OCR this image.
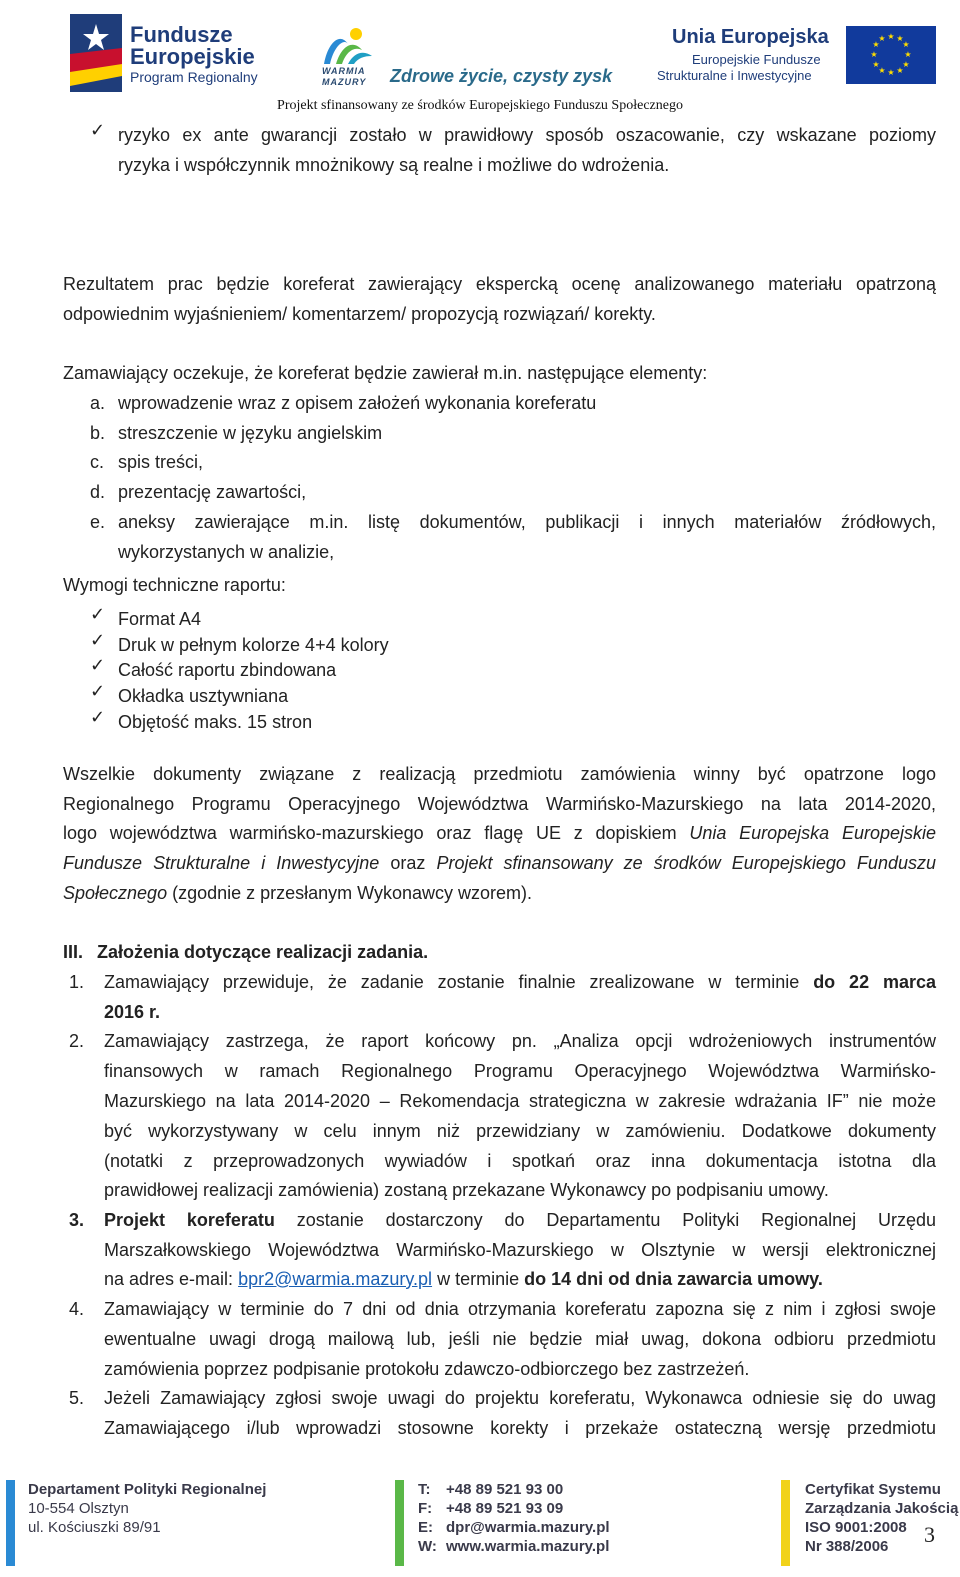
Fundusze
Europejskie
Program Regionalny	WARMIA
MAZURY Zdrowe życie, czysty zysk
Unia Europejska
Europejskie Fundusze
Strukturalne i Inwestycyjne
★ ★
★
★
★
★
★
★
★
★
★
★
Projekt sfinansowany ze środków Europejskiego Funduszu Społecznego
✓ ryzyko ex ante gwarancji zostało w prawidłowy sposób oszacowanie, czy wskazane poziomy
ryzyka i współczynnik mnożnikowy są realne i możliwe do wdrożenia.
Rezultatem prac będzie koreferat zawierający ekspercką ocenę analizowanego materiału opatrzoną
odpowiednim wyjaśnieniem/ komentarzem/ propozycją rozwiązań/ korekty.
Zamawiający oczekuje, że koreferat będzie zawierał m.in. następujące elementy:
a. wprowadzenie wraz z opisem założeń wykonania koreferatu
b. streszczenie w języku angielskim
c. spis treści,
d. prezentację zawartości,
e. aneksy zawierające m.in. listę dokumentów, publikacji i innych materiałów źródłowych,
wykorzystanych w analizie,
Wymogi techniczne raportu:
✓ Format A4
✓ Druk w pełnym kolorze 4+4 kolory
✓ Całość raportu zbindowana
✓ Okładka usztywniana
✓ Objętość maks. 15 stron
Wszelkie dokumenty związane z realizacją przedmiotu zamówienia winny być opatrzone logo
Regionalnego Programu Operacyjnego Województwa Warmińsko-Mazurskiego na lata 2014-2020,
logo województwa warmińsko-mazurskiego oraz flagę UE z dopiskiem Unia Europejska Europejskie
Fundusze Strukturalne i Inwestycyjne oraz Projekt sfinansowany ze środków Europejskiego Funduszu
Społecznego (zgodnie z przesłanym Wykonawcy wzorem).
III. Założenia dotyczące realizacji zadania.
1. Zamawiający przewiduje, że zadanie zostanie finalnie zrealizowane w terminie do 22 marca
2016 r.
2. Zamawiający zastrzega, że raport końcowy pn. „Analiza opcji wdrożeniowych instrumentów
finansowych w ramach Regionalnego Programu Operacyjnego Województwa Warmińsko-
Mazurskiego na lata 2014-2020 – Rekomendacja strategiczna w zakresie wdrażania IF” nie może
być wykorzystywany w celu innym niż przewidziany w zamówieniu. Dodatkowe dokumenty
(notatki z przeprowadzonych wywiadów i spotkań oraz inna dokumentacja istotna dla
prawidłowej realizacji zamówienia) zostaną przekazane Wykonawcy po podpisaniu umowy.
3. Projekt koreferatu zostanie dostarczony do Departamentu Polityki Regionalnej Urzędu
Marszałkowskiego Województwa Warmińsko-Mazurskiego w Olsztynie w wersji elektronicznej
na adres e-mail: bpr2@warmia.mazury.pl w terminie do 14 dni od dnia zawarcia umowy.
4. Zamawiający w terminie do 7 dni od dnia otrzymania koreferatu zapozna się z nim i zgłosi swoje
ewentualne uwagi drogą mailową lub, jeśli nie będzie miał uwag, dokona odbioru przedmiotu
zamówienia poprzez podpisanie protokołu zdawczo-odbiorczego bez zastrzeżeń.
5. Jeżeli Zamawiający zgłosi swoje uwagi do projektu koreferatu, Wykonawca odniesie się do uwag
Zamawiającego i/lub wprowadzi stosowne korekty i przekaże ostateczną wersję przedmiotu
Departament Polityki Regionalnej
10-554 Olsztyn
ul. Kościuszki 89/91
T: +48 89 521 93 00
F: +48 89 521 93 09
E: dpr@warmia.mazury.pl
W: www.warmia.mazury.pl
Certyfikat Systemu
Zarządzania Jakością
ISO 9001:2008
Nr 388/2006	3
